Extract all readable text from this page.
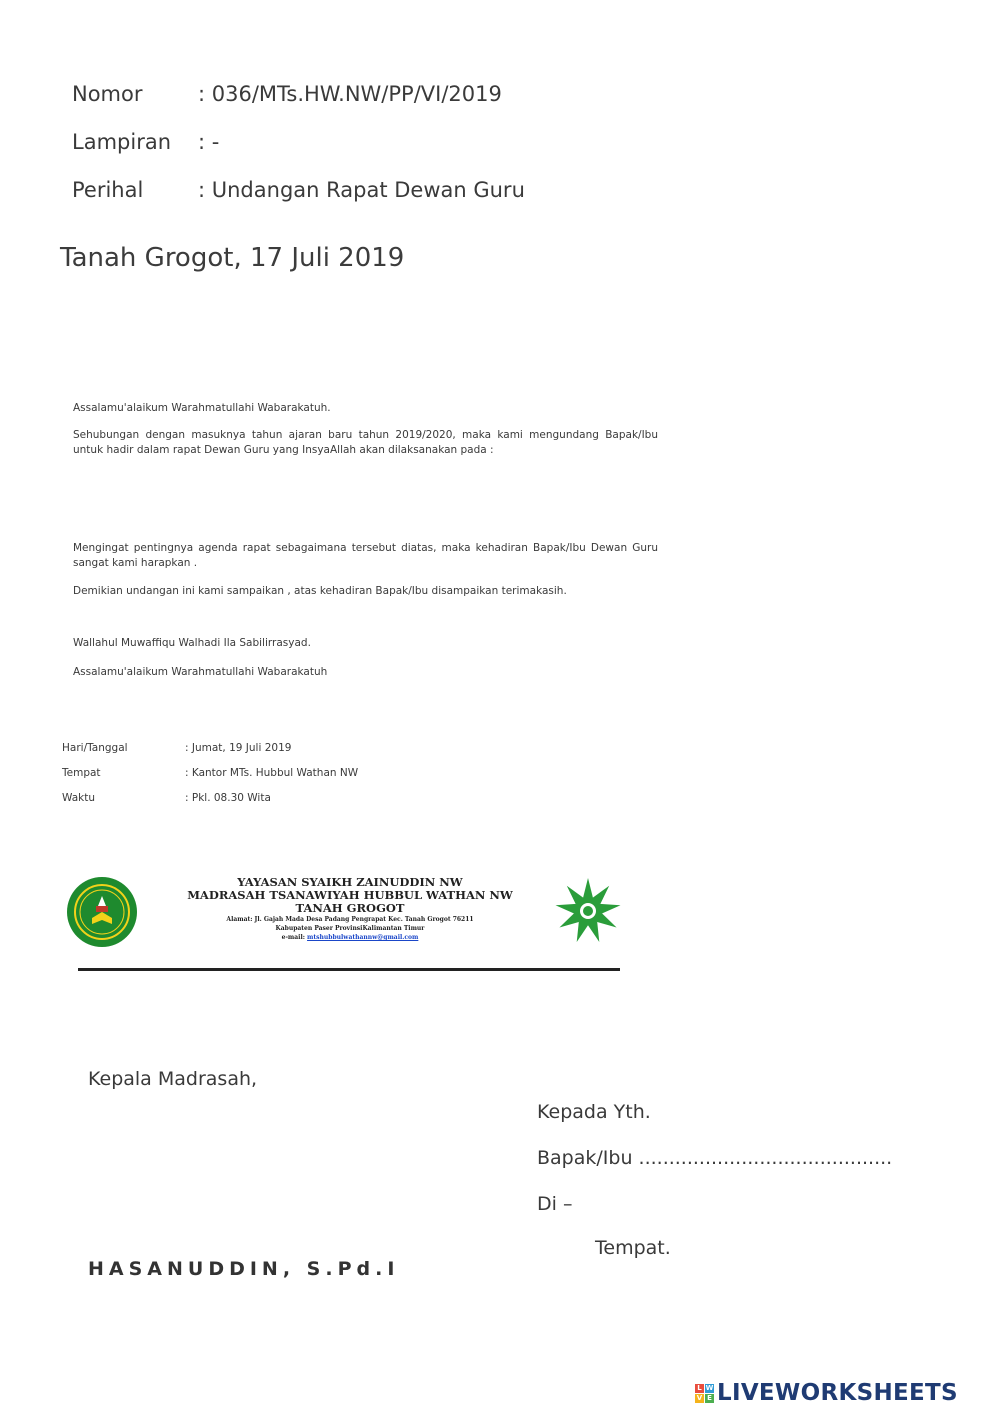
Nomor	: 036/MTs.HW.NW/PP/VI/2019
Lampiran : -
Perihal	: Undangan Rapat Dewan Guru
Tanah Grogot, 17 Juli 2019
Assalamu'alaikum Warahmatullahi Wabarakatuh.
Sehubungan dengan masuknya tahun ajaran baru tahun 2019/2020, maka kami mengundang Bapak/Ibu untuk hadir dalam rapat Dewan Guru yang InsyaAllah akan dilaksanakan pada :
Mengingat pentingnya agenda rapat sebagaimana tersebut diatas, maka kehadiran Bapak/Ibu Dewan Guru sangat kami harapkan .
Demikian undangan ini kami sampaikan , atas kehadiran Bapak/Ibu disampaikan terimakasih.
Wallahul Muwaffiqu Walhadi Ila Sabilirrasyad.
Assalamu'alaikum Warahmatullahi Wabarakatuh
Hari/Tanggal	: Jumat, 19 Juli 2019
Tempat	: Kantor MTs. Hubbul Wathan NW
Waktu	: Pkl. 08.30 Wita
YAYASAN SYAIKH ZAINUDDIN NW
MADRASAH TSANAWIYAH HUBBUL WATHAN NW
TANAH GROGOT
Alamat: Jl. Gajah Mada Desa Padang Pengrapat Kec. Tanah Grogot 76211
Kabupaten Paser ProvinsiKalimantan Timur
e-mail: mtshubbulwathannw@gmail.com
Kepala Madrasah,
HASANUDDIN, S.Pd.I
Kepada Yth.
Bapak/Ibu ..........................................
Di –
Tempat.
L W
V E LIVEWORKSHEETS
